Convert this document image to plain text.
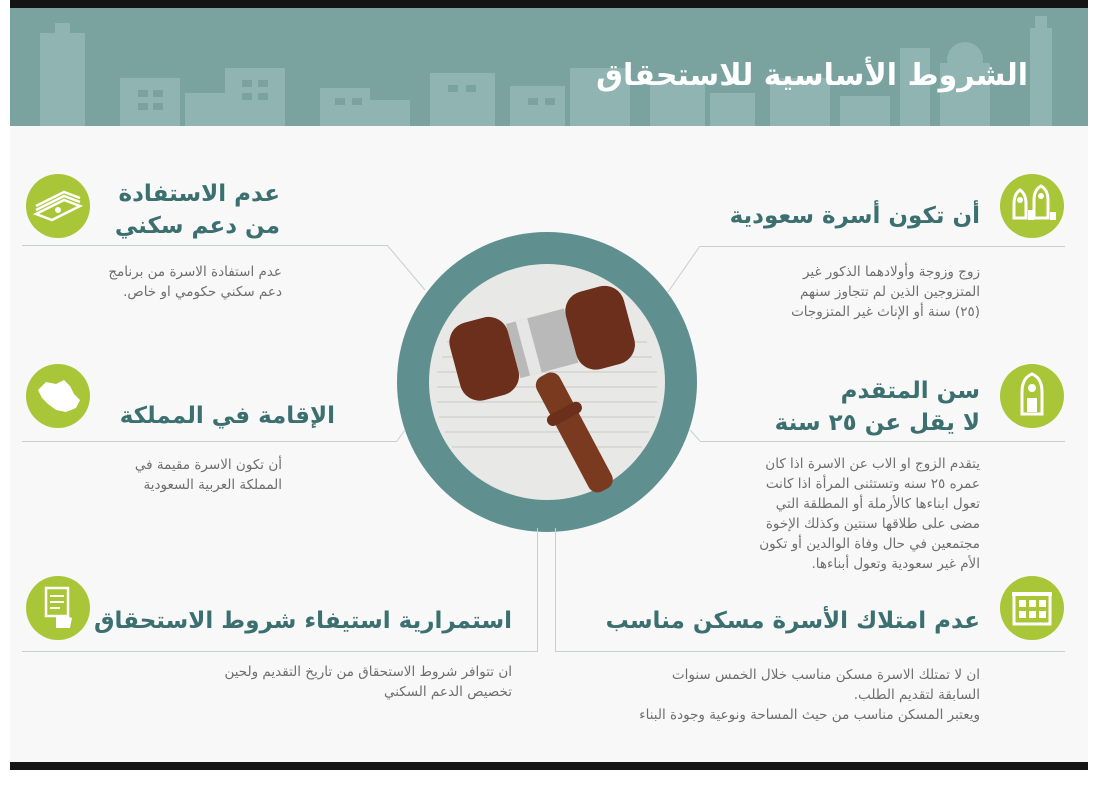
الشروط الأساسية للاستحقاق
أن تكون أسرة سعودية
زوج وزوجة وأولادهما الذكور غير
المتزوجين الذين لم تتجاوز سنهم
(٢٥) سنة أو الإناث غير المتزوجات
سن المتقدم
لا يقل عن ٢٥ سنة
يتقدم الزوج او الاب عن الاسرة اذا كان
عمره ٢٥ سنه وتستثنى المرأة اذا كانت
تعول ابناءها كالأرملة أو المطلقة التي
مضى على طلاقها سنتين وكذلك الإخوة
مجتمعين في حال وفاة الوالدين أو تكون
الأم غير سعودية وتعول أبناءها.
عدم امتلاك الأسرة مسكن مناسب
ان لا تمتلك الاسرة مسكن مناسب خلال الخمس سنوات
السابقة لتقديم الطلب.
ويعتبر المسكن مناسب من حيث المساحة ونوعية وجودة البناء
عدم الاستفادة
من دعم سكني
عدم استفادة الاسرة من برنامج
دعم سكني حكومي او خاص.
الإقامة في المملكة
أن تكون الاسرة مقيمة في
المملكة العربية السعودية
استمرارية استيفاء شروط الاستحقاق
ان تتوافر شروط الاستحقاق من تاريخ التقديم ولحين
تخصيص الدعم السكني
